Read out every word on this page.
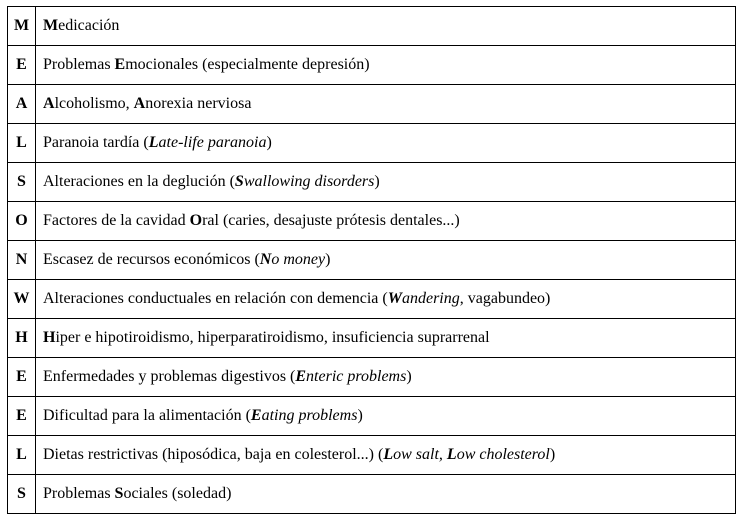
M	Medicación
E	Problemas Emocionales (especialmente depresión)
A	Alcoholismo, Anorexia nerviosa
L	Paranoia tardía (Late-life paranoia)
S	Alteraciones en la deglución (Swallowing disorders)
O	Factores de la cavidad Oral (caries, desajuste prótesis dentales...)
N	Escasez de recursos económicos (No money)
W	Alteraciones conductuales en relación con demencia (Wandering, vagabundeo)
H	Hiper e hipotiroidismo, hiperparatiroidismo, insuficiencia suprarrenal
E	Enfermedades y problemas digestivos (Enteric problems)
E	Dificultad para la alimentación (Eating problems)
L	Dietas restrictivas (hiposódica, baja en colesterol...) (Low salt, Low cholesterol)
S	Problemas Sociales (soledad)
